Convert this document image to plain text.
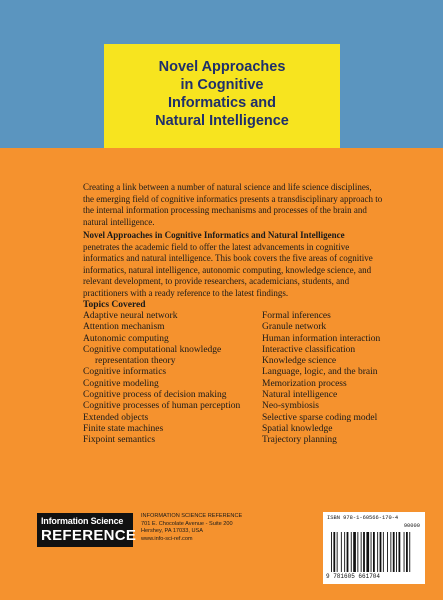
Novel Approaches
in Cognitive
Informatics and
Natural Intelligence
Creating a link between a number of natural science and life science disciplines, the emerging field of cognitive informatics presents a transdisciplinary approach to the internal information processing mechanisms and processes of the brain and natural intelligence.
Novel Approaches in Cognitive Informatics and Natural Intelligence penetrates the academic field to offer the latest advancements in cognitive informatics and natural intelligence. This book covers the five areas of cognitive informatics, natural intelligence, autonomic computing, knowledge science, and relevant development, to provide researchers, academicians, students, and practitioners with a ready reference to the latest findings.
Topics Covered
Adaptive neural network
Attention mechanism
Autonomic computing
Cognitive computational knowledge
representation theory
Cognitive informatics
Cognitive modeling
Cognitive process of decision making
Cognitive processes of human perception
Extended objects
Finite state machines
Fixpoint semantics
Formal inferences
Granule network
Human information interaction
Interactive classification
Knowledge science
Language, logic, and the brain
Memorization process
Natural intelligence
Neo-symbiosis
Selective sparse coding model
Spatial knowledge
Trajectory planning
Information Science
REFERENCE
INFORMATION SCIENCE REFERENCE
701 E. Chocolate Avenue - Suite 200
Hershey, PA 17033, USA
www.info-sci-ref.com
ISBN 978-1-60566-170-4
90000
9 781605 661704
